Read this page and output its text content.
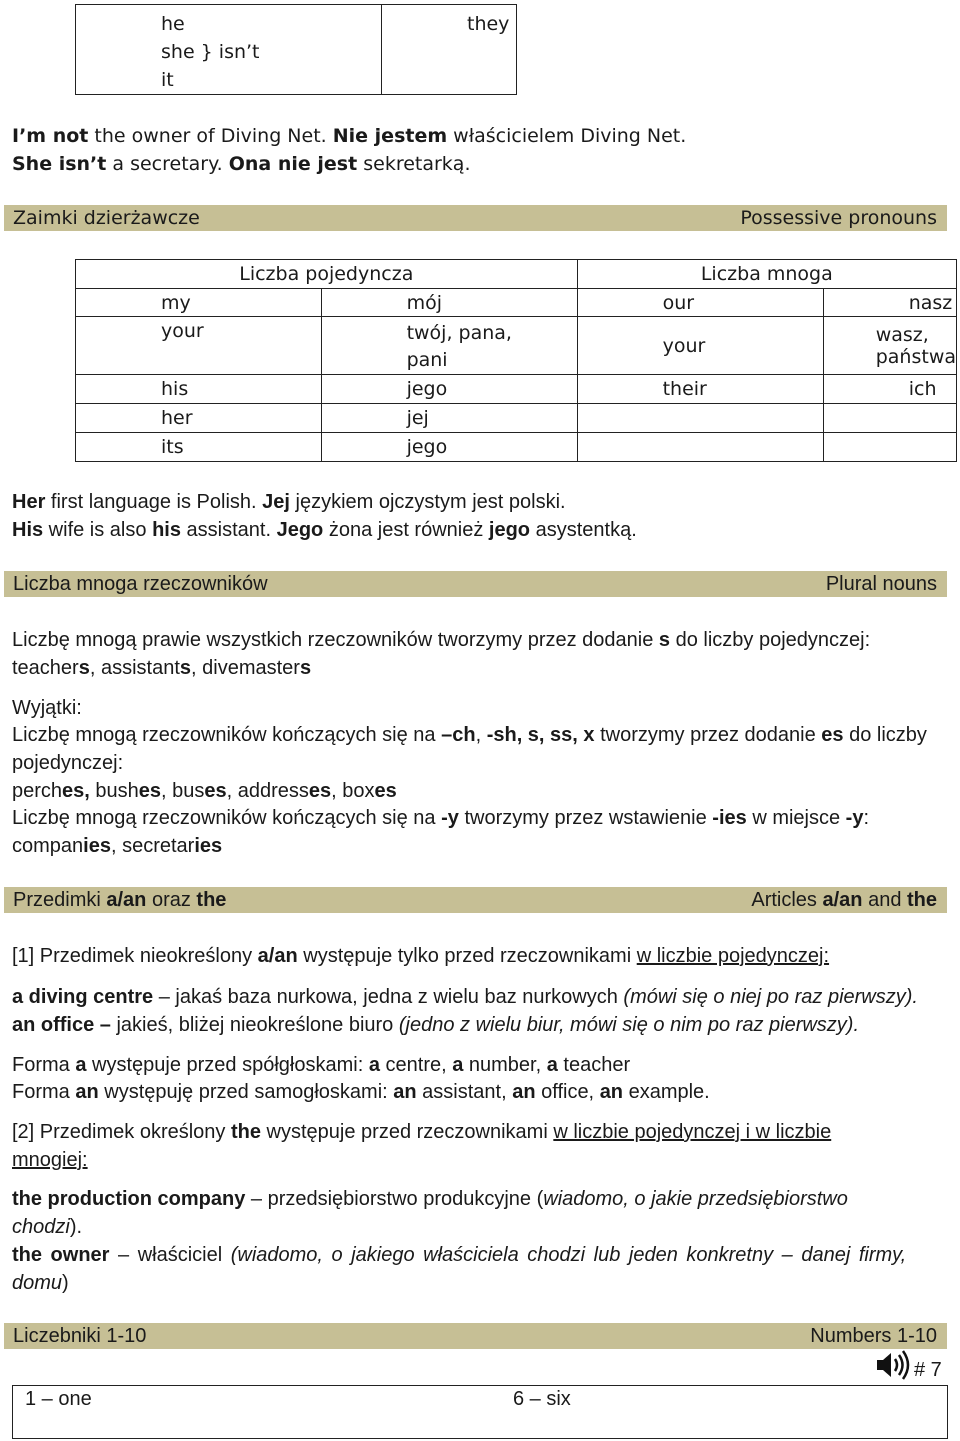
he
she } isn’t
it

they
I’m not the owner of Diving Net. Nie jestem właścicielem Diving Net.
She isn’t a secretary. Ona nie jest sekretarką.
Zaimki dzierżawcze	Possessive pronouns
Liczba pojedyncza		Liczba mnoga	
my	mój	our	nasz
your	twój, pana, pani	your	wasz, państwa
his	jego	their	ich
her	jej		
its	jego		
Her first language is Polish. Jej językiem ojczystym jest polski.
His wife is also his assistant. Jego żona jest również jego asystentką.
Liczba mnoga rzeczowników	Plural nouns
Liczbę mnogą prawie wszystkich rzeczowników tworzymy przez dodanie s do liczby pojedynczej:
teachers, assistants, divemasters
Wyjątki:
Liczbę mnogą rzeczowników kończących się na –ch, -sh, s, ss, x tworzymy przez dodanie es do liczby
pojedynczej:
perches, bushes, buses, addresses, boxes
Liczbę mnogą rzeczowników kończących się na -y tworzymy przez wstawienie -ies w miejsce -y:
companies, secretaries
Przedimki a/an oraz the	Articles a/an and the
[1] Przedimek nieokreślony a/an występuje tylko przed rzeczownikami w liczbie pojedynczej:
a diving centre – jakaś baza nurkowa, jedna z wielu baz nurkowych (mówi się o niej po raz pierwszy).
an office – jakieś, bliżej nieokreślone biuro (jedno z wielu biur, mówi się o nim po raz pierwszy).
Forma a występuje przed spółgłoskami: a centre, a number, a teacher
Forma an występuję przed samogłoskami: an assistant, an office, an example.
[2] Przedimek określony the występuje przed rzeczownikami w liczbie pojedynczej i w liczbie
mnogiej:
the production company – przedsiębiorstwo produkcyjne (wiadomo, o jakie przedsiębiorstwo
chodzi).
the owner – właściciel (wiadomo, o jakiego właściciela chodzi lub jeden konkretny – danej firmy,
domu)
Liczebniki 1-10	Numbers 1-10
# 7
1 – one	6 – six
